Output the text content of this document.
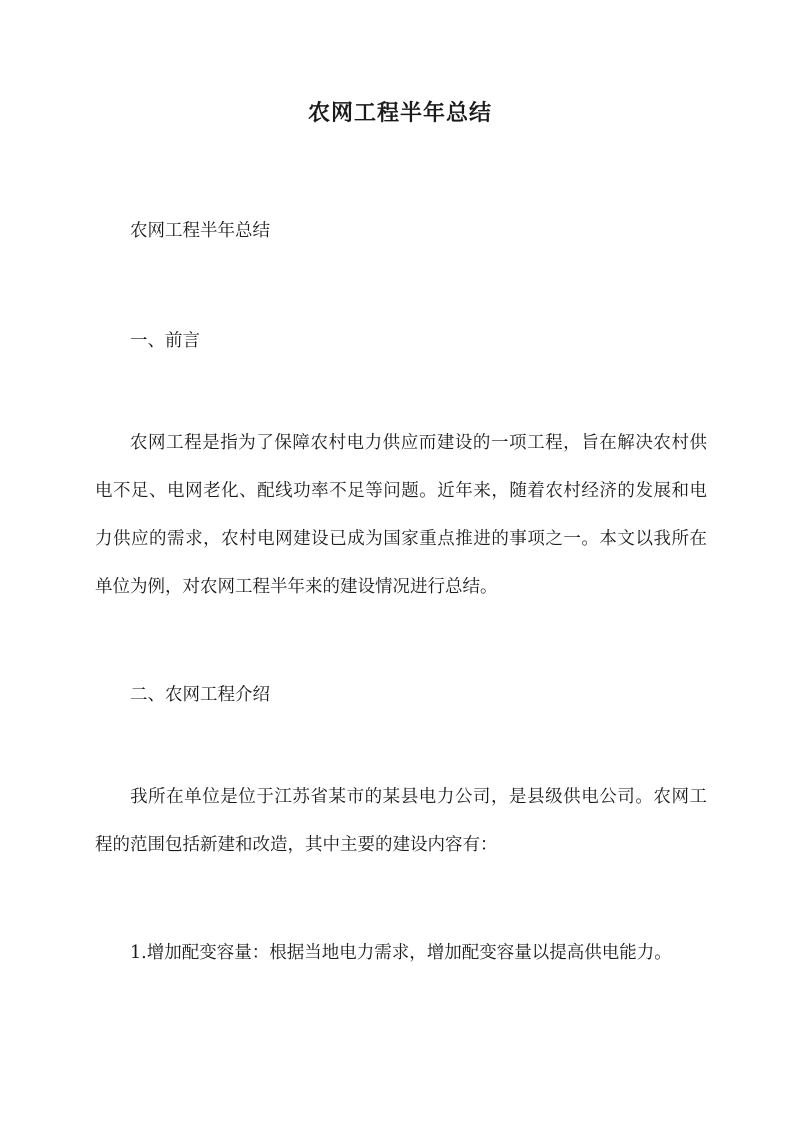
农网工程半年总结

农网工程半年总结

一、前言

农网工程是指为了保障农村电力供应而建设的一项工程，旨在解决农村供电不足、电网老化、配线功率不足等问题。近年来，随着农村经济的发展和电力供应的需求，农村电网建设已成为国家重点推进的事项之一。本文以我所在单位为例，对农网工程半年来的建设情况进行总结。

二、农网工程介绍

我所在单位是位于江苏省某市的某县电力公司，是县级供电公司。农网工程的范围包括新建和改造，其中主要的建设内容有：

1.增加配变容量：根据当地电力需求，增加配变容量以提高供电能力。
